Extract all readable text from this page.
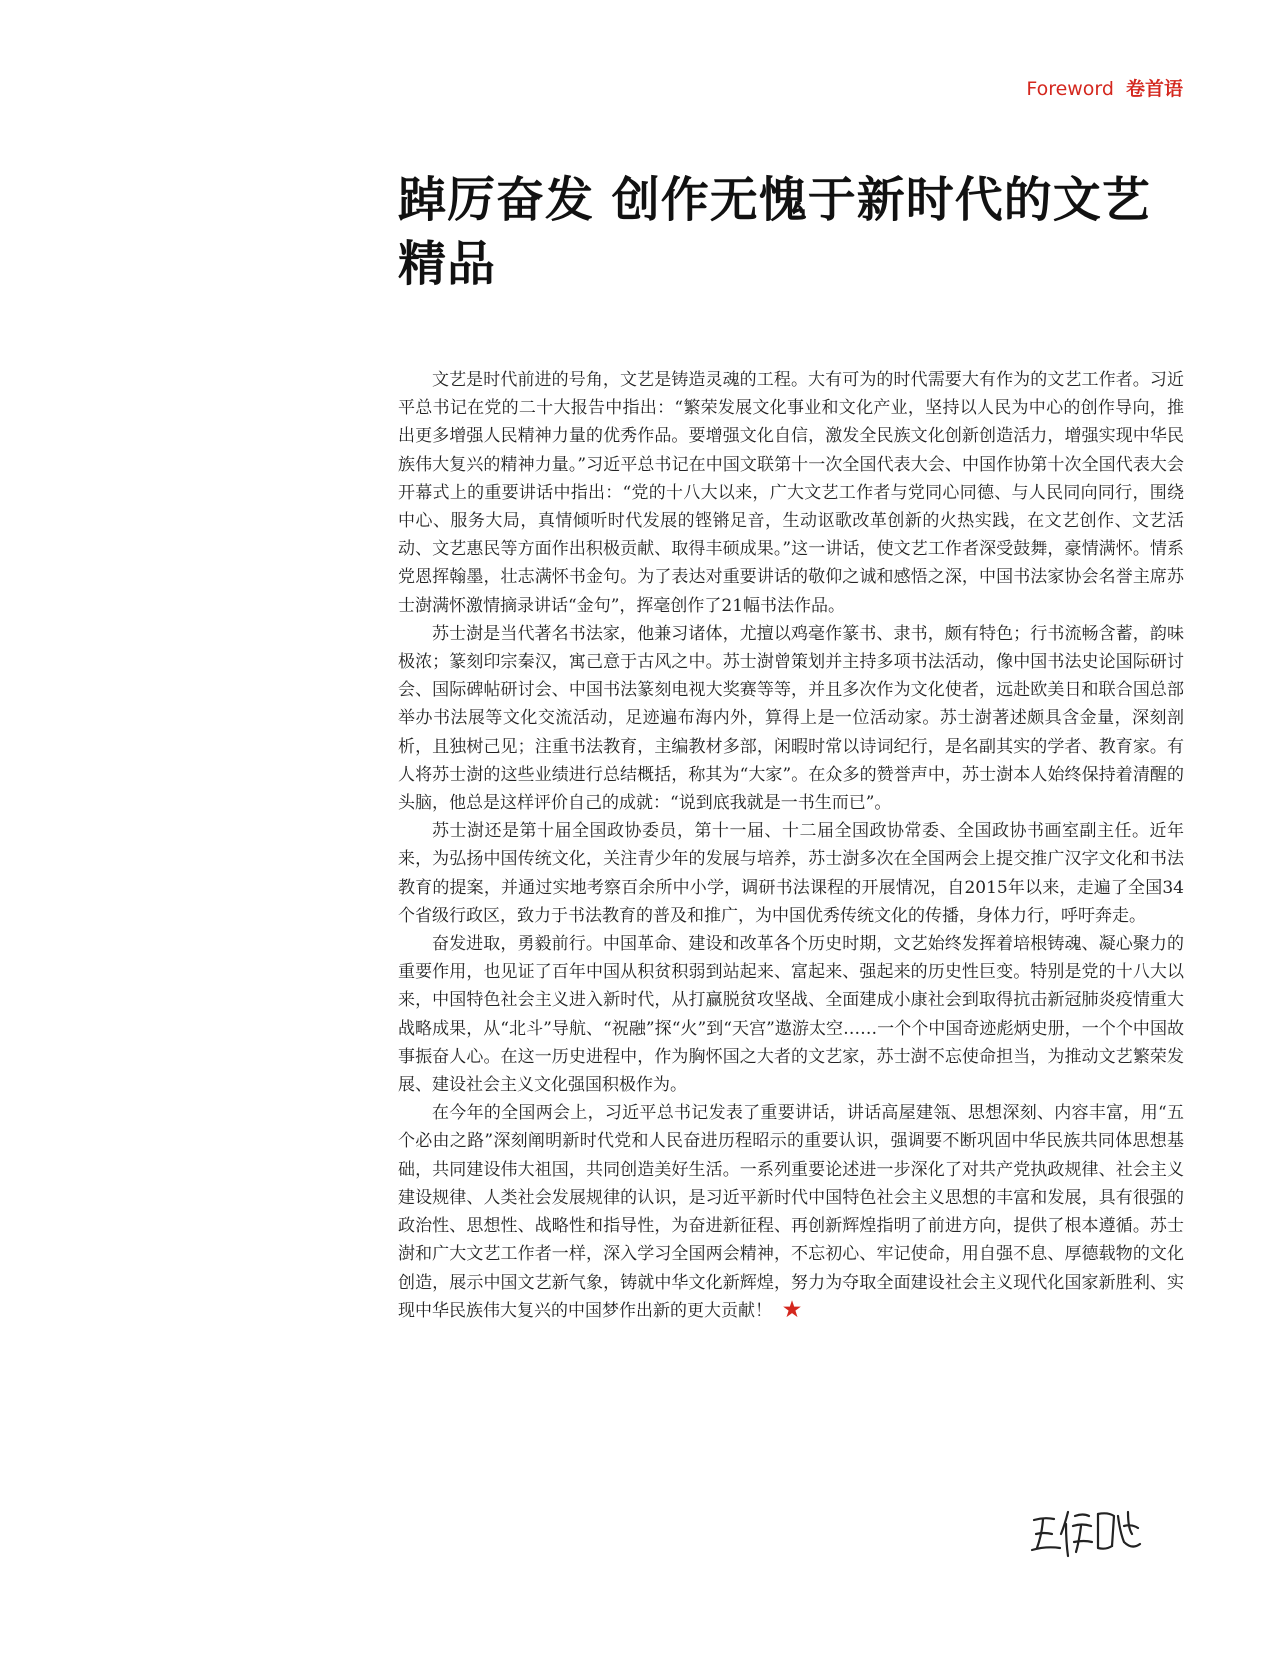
Foreword 卷首语
踔厉奋发 创作无愧于新时代的文艺精品

文艺是时代前进的号角，文艺是铸造灵魂的工程。大有可为的时代需要大有作为的文艺工作者。习近平总书记在党的二十大报告中指出：“繁荣发展文化事业和文化产业，坚持以人民为中心的创作导向，推出更多增强人民精神力量的优秀作品。要增强文化自信，激发全民族文化创新创造活力，增强实现中华民族伟大复兴的精神力量。”习近平总书记在中国文联第十一次全国代表大会、中国作协第十次全国代表大会开幕式上的重要讲话中指出：“党的十八大以来，广大文艺工作者与党同心同德、与人民同向同行，围绕中心、服务大局，真情倾听时代发展的铿锵足音，生动讴歌改革创新的火热实践，在文艺创作、文艺活动、文艺惠民等方面作出积极贡献、取得丰硕成果。”这一讲话，使文艺工作者深受鼓舞，豪情满怀。情系党恩挥翰墨，壮志满怀书金句。为了表达对重要讲话的敬仰之诚和感悟之深，中国书法家协会名誉主席苏士澍满怀激情摘录讲话“金句”，挥毫创作了21幅书法作品。

苏士澍是当代著名书法家，他兼习诸体，尤擅以鸡毫作篆书、隶书，颇有特色；行书流畅含蓄，韵味极浓；篆刻印宗秦汉，寓己意于古风之中。苏士澍曾策划并主持多项书法活动，像中国书法史论国际研讨会、国际碑帖研讨会、中国书法篆刻电视大奖赛等等，并且多次作为文化使者，远赴欧美日和联合国总部举办书法展等文化交流活动，足迹遍布海内外，算得上是一位活动家。苏士澍著述颇具含金量，深刻剖析，且独树己见；注重书法教育，主编教材多部，闲暇时常以诗词纪行，是名副其实的学者、教育家。有人将苏士澍的这些业绩进行总结概括，称其为“大家”。在众多的赞誉声中，苏士澍本人始终保持着清醒的头脑，他总是这样评价自己的成就：“说到底我就是一书生而已”。

苏士澍还是第十届全国政协委员，第十一届、十二届全国政协常委、全国政协书画室副主任。近年来，为弘扬中国传统文化，关注青少年的发展与培养，苏士澍多次在全国两会上提交推广汉字文化和书法教育的提案，并通过实地考察百余所中小学，调研书法课程的开展情况，自2015年以来，走遍了全国34个省级行政区，致力于书法教育的普及和推广，为中国优秀传统文化的传播，身体力行，呼吁奔走。

奋发进取，勇毅前行。中国革命、建设和改革各个历史时期，文艺始终发挥着培根铸魂、凝心聚力的重要作用，也见证了百年中国从积贫积弱到站起来、富起来、强起来的历史性巨变。特别是党的十八大以来，中国特色社会主义进入新时代，从打赢脱贫攻坚战、全面建成小康社会到取得抗击新冠肺炎疫情重大战略成果，从“北斗”导航、“祝融”探“火”到“天宫”遨游太空……一个个中国奇迹彪炳史册，一个个中国故事振奋人心。在这一历史进程中，作为胸怀国之大者的文艺家，苏士澍不忘使命担当，为推动文艺繁荣发展、建设社会主义文化强国积极作为。

在今年的全国两会上，习近平总书记发表了重要讲话，讲话高屋建瓴、思想深刻、内容丰富，用“五个必由之路”深刻阐明新时代党和人民奋进历程昭示的重要认识，强调要不断巩固中华民族共同体思想基础，共同建设伟大祖国，共同创造美好生活。一系列重要论述进一步深化了对共产党执政规律、社会主义建设规律、人类社会发展规律的认识，是习近平新时代中国特色社会主义思想的丰富和发展，具有很强的政治性、思想性、战略性和指导性，为奋进新征程、再创新辉煌指明了前进方向，提供了根本遵循。苏士澍和广大文艺工作者一样，深入学习全国两会精神，不忘初心、牢记使命，用自强不息、厚德载物的文化创造，展示中国文艺新气象，铸就中华文化新辉煌，努力为夺取全面建设社会主义现代化国家新胜利、实现中华民族伟大复兴的中国梦作出新的更大贡献！
